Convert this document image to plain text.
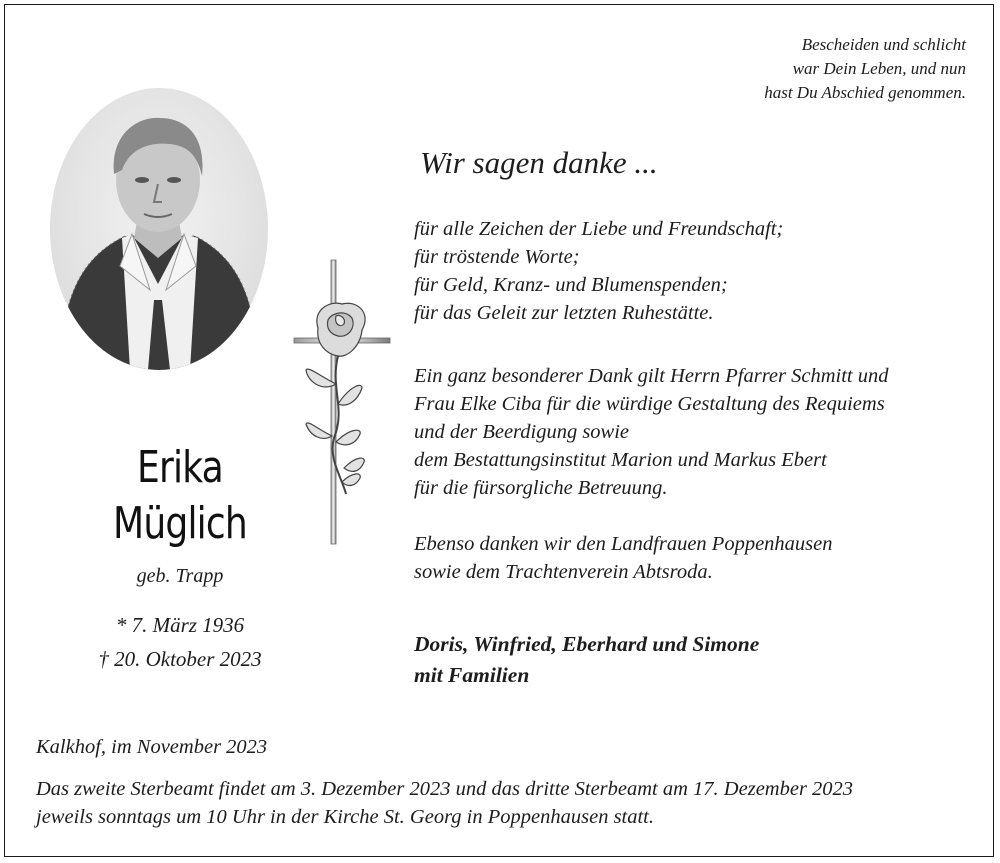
Bescheiden und schlicht
war Dein Leben, und nun
hast Du Abschied genommen.
Erika
Müglich
geb. Trapp
* 7. März 1936
† 20. Oktober 2023
Wir sagen danke ...
für alle Zeichen der Liebe und Freundschaft;
für tröstende Worte;
für Geld, Kranz- und Blumenspenden;
für das Geleit zur letzten Ruhestätte.
Ein ganz besonderer Dank gilt Herrn Pfarrer Schmitt und
Frau Elke Ciba für die würdige Gestaltung des Requiems
und der Beerdigung sowie
dem Bestattungsinstitut Marion und Markus Ebert
für die fürsorgliche Betreuung.
Ebenso danken wir den Landfrauen Poppenhausen
sowie dem Trachtenverein Abtsroda.
Doris, Winfried, Eberhard und Simone
mit Familien
Kalkhof, im November 2023
Das zweite Sterbeamt findet am 3. Dezember 2023 und das dritte Sterbeamt am 17. Dezember 2023
jeweils sonntags um 10 Uhr in der Kirche St. Georg in Poppenhausen statt.
